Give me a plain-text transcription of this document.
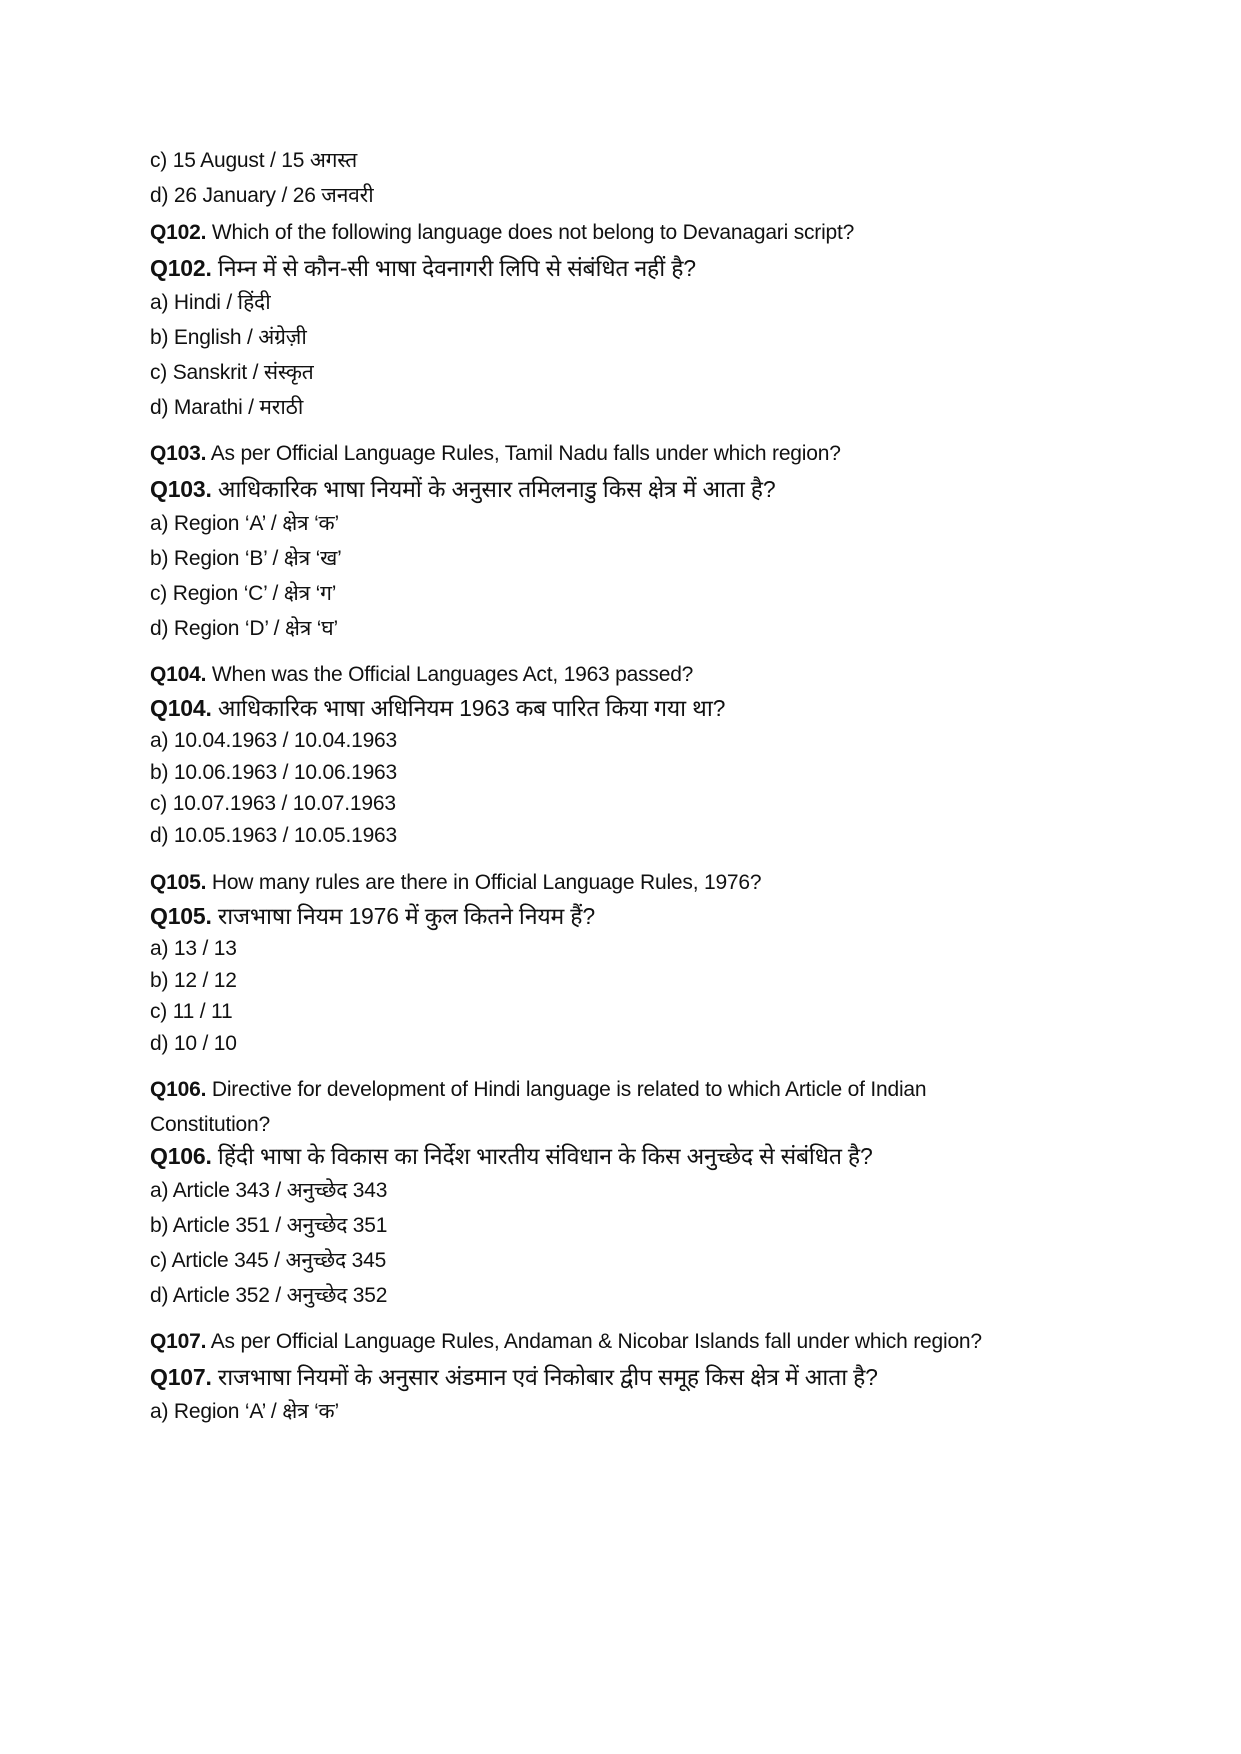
c) 15 August / 15 अगस्त
d) 26 January / 26 जनवरी
Q102. Which of the following language does not belong to Devanagari script?
Q102. निम्न में से कौन-सी भाषा देवनागरी लिपि से संबंधित नहीं है?
a) Hindi / हिंदी
b) English / अंग्रेज़ी
c) Sanskrit / संस्कृत
d) Marathi / मराठी
Q103. As per Official Language Rules, Tamil Nadu falls under which region?
Q103. आधिकारिक भाषा नियमों के अनुसार तमिलनाडु किस क्षेत्र में आता है?
a) Region ‘A’ / क्षेत्र ‘क’
b) Region ‘B’ / क्षेत्र ‘ख’
c) Region ‘C’ / क्षेत्र ‘ग’
d) Region ‘D’ / क्षेत्र ‘घ’
Q104. When was the Official Languages Act, 1963 passed?
Q104. आधिकारिक भाषा अधिनियम 1963 कब पारित किया गया था?
a) 10.04.1963 / 10.04.1963
b) 10.06.1963 / 10.06.1963
c) 10.07.1963 / 10.07.1963
d) 10.05.1963 / 10.05.1963
Q105. How many rules are there in Official Language Rules, 1976?
Q105. राजभाषा नियम 1976 में कुल कितने नियम हैं?
a) 13 / 13
b) 12 / 12
c) 11 / 11
d) 10 / 10
Q106. Directive for development of Hindi language is related to which Article of Indian Constitution?
Q106. हिंदी भाषा के विकास का निर्देश भारतीय संविधान के किस अनुच्छेद से संबंधित है?
a) Article 343 / अनुच्छेद 343
b) Article 351 / अनुच्छेद 351
c) Article 345 / अनुच्छेद 345
d) Article 352 / अनुच्छेद 352
Q107. As per Official Language Rules, Andaman & Nicobar Islands fall under which region?
Q107. राजभाषा नियमों के अनुसार अंडमान एवं निकोबार द्वीप समूह किस क्षेत्र में आता है?
a) Region ‘A’ / क्षेत्र ‘क’
